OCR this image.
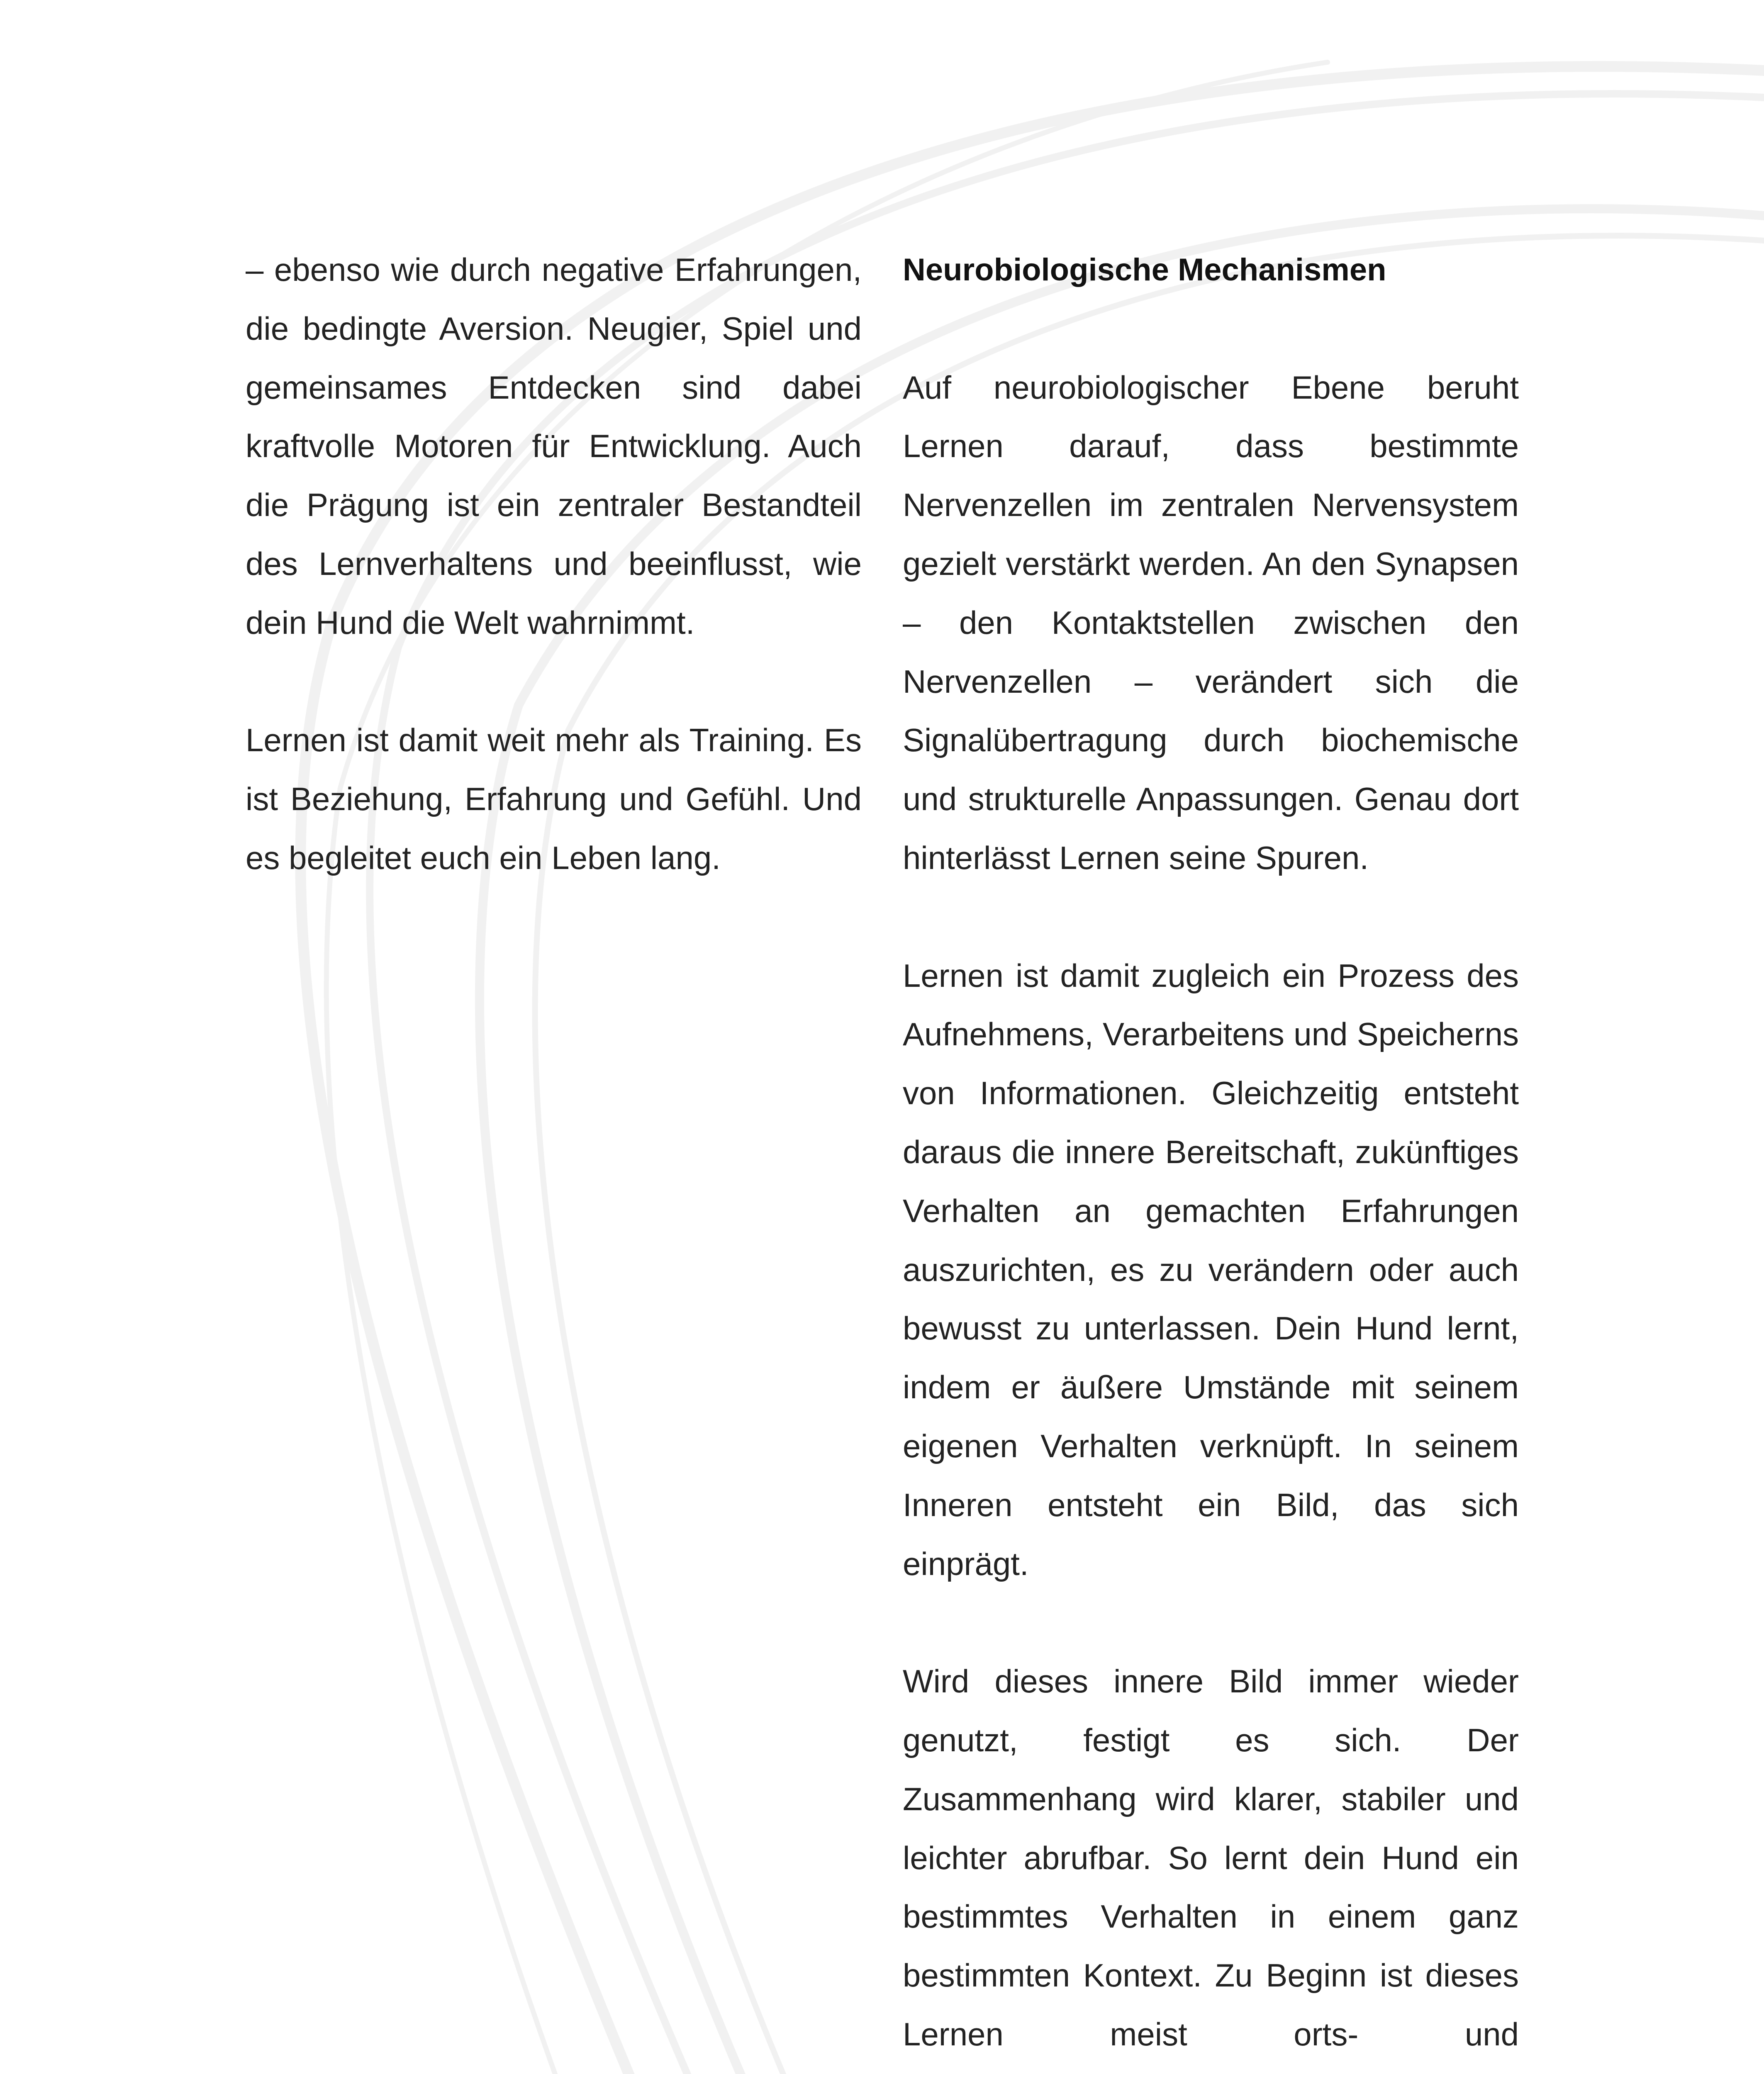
– ebenso wie durch negative Erfahrungen, die bedingte Aversion. Neugier, Spiel und gemeinsames Entdecken sind dabei kraftvolle Motoren für Entwicklung. Auch die Prägung ist ein zentraler Bestandteil des Lernverhaltens und beeinflusst, wie dein Hund die Welt wahrnimmt.

Lernen ist damit weit mehr als Training. Es ist Beziehung, Erfahrung und Gefühl. Und es begleitet euch ein Leben lang.

Neurobiologische Mechanismen

Auf neurobiologischer Ebene beruht Lernen darauf, dass bestimmte Nervenzellen im zentralen Nervensystem gezielt verstärkt werden. An den Synapsen – den Kontaktstellen zwischen den Nervenzellen – verändert sich die Signalübertragung durch biochemische und strukturelle Anpassungen. Genau dort hinterlässt Lernen seine Spuren.

Lernen ist damit zugleich ein Prozess des Aufnehmens, Verarbeitens und Speicherns von Informationen. Gleichzeitig entsteht daraus die innere Bereitschaft, zukünftiges Verhalten an gemachten Erfahrungen auszurichten, es zu verändern oder auch bewusst zu unterlassen. Dein Hund lernt, indem er äußere Umstände mit seinem eigenen Verhalten verknüpft. In seinem Inneren entsteht ein Bild, das sich einprägt.

Wird dieses innere Bild immer wieder genutzt, festigt es sich. Der Zusammenhang wird klarer, stabiler und leichter abrufbar. So lernt dein Hund ein bestimmtes Verhalten in einem ganz bestimmten Kontext. Zu Beginn ist dieses Lernen meist orts- und
